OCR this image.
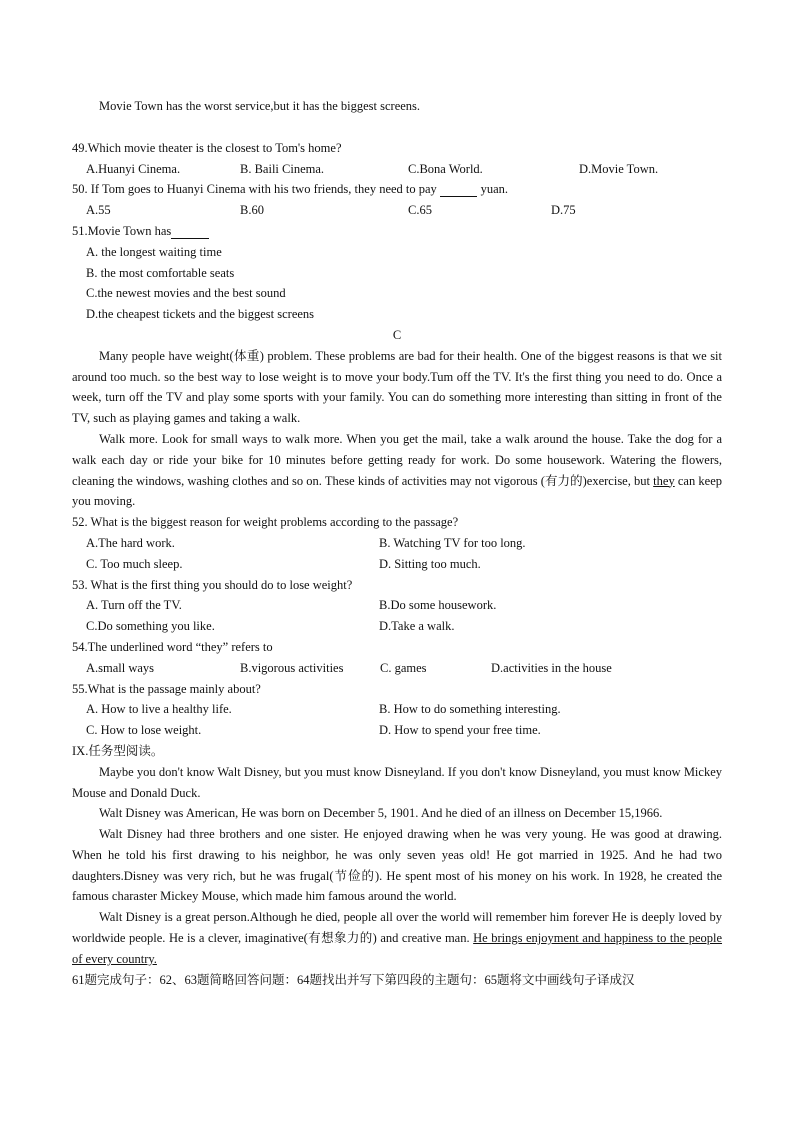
Movie Town has the worst service,but it has the biggest screens.
49.Which movie theater is the closest to Tom's home?
A.Huanyi Cinema.	B. Baili Cinema.	C.Bona World.	D.Movie Town.
50. If Tom goes to Huanyi Cinema with his two friends, they need to pay	yuan.
A.55	B.60	C.65	D.75
51.Movie Town has
A. the longest waiting time
B. the most comfortable seats
C.the newest movies and the best sound
D.the cheapest tickets and the biggest screens
C
Many people have weight(体重) problem. These problems are bad for their health. One of the biggest reasons is that we sit around too much. so the best way to lose weight is to move your body.Tum off the TV. It's the first thing you need to do. Once a week, turn off the TV and play some sports with your family. You can do something more interesting than sitting in front of the TV, such as playing games and taking a walk.
Walk more. Look for small ways to walk more. When you get the mail, take a walk around the house. Take the dog for a walk each day or ride your bike for 10 minutes before getting ready for work. Do some housework. Watering the flowers, cleaning the windows, washing clothes and so on. These kinds of activities may not vigorous (有力的)exercise, but they can keep you moving.
52. What is the biggest reason for weight problems according to the passage?
A.The hard work.	B. Watching TV for too long.
C. Too much sleep.	D. Sitting too much.
53. What is the first thing you should do to lose weight?
A. Turn off the TV.	B.Do some housework.
C.Do something you like.	D.Take a walk.
54.The underlined word “they” refers to
A.small ways	B.vigorous activities	C. games	D.activities in the house
55.What is the passage mainly about?
A. How to live a healthy life.	B. How to do something interesting.
C. How to lose weight.	D. How to spend your free time.
IX.任务型阅读。
Maybe you don't know Walt Disney, but you must know Disneyland. If you don't know Disneyland, you must know Mickey Mouse and Donald Duck.
Walt Disney was American, He was born on December 5, 1901. And he died of an illness on December 15,1966.
Walt Disney had three brothers and one sister. He enjoyed drawing when he was very young. He was good at drawing. When he told his first drawing to his neighbor, he was only seven yeas old! He got married in 1925. And he had two daughters.Disney was very rich, but he was frugal(节俭的). He spent most of his money on his work. In 1928, he created the famous charaster Mickey Mouse, which made him famous around the world.
Walt Disney is a great person.Although he died, people all over the world will remember him forever He is deeply loved by worldwide people. He is a clever, imaginative(有想象力的) and creative man. He brings enjoyment and happiness to the people of every country.
61题完成句子：62、63题简略回答问题：64题找出并写下第四段的主题句：65题将文中画线句子译成汉
